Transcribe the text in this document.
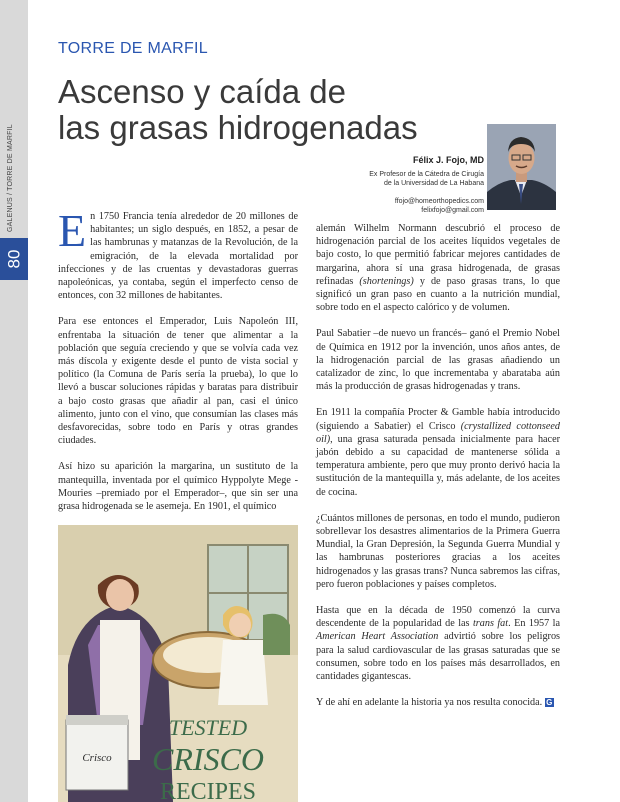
80
GALENUS / TORRE DE MARFIL
TORRE DE MARFIL
Ascenso y caída de
las grasas hidrogenadas
Félix J. Fojo, MD
Ex Profesor de la Cátedra de Cirugía
de la Universidad de La Habana
ffojo@homeorthopedics.com
felixfojo@gmail.com

En 1750 Francia tenía alrededor de 20 millones de habitantes; un siglo después, en 1852, a pesar de las hambrunas y matanzas de la Revolución, de la emigración, de la elevada mortalidad por infecciones y de las cruentas y devastadoras guerras napoleónicas, ya contaba, según el imperfecto censo de entonces, con 32 millones de habitantes.

Para ese entonces el Emperador, Luis Napoleón III, enfrentaba la situación de tener que alimentar a la población que seguía creciendo y que se volvía cada vez más díscola y exigente desde el punto de vista social y político (la Comuna de París sería la prueba), lo que lo llevó a buscar soluciones rápidas y baratas para distribuir a bajo costo grasas que añadir al pan, casi el único alimento, junto con el vino, que consumían las clases más desfavorecidas, sobre todo en París y otras grandes ciudades.

Así hizo su aparición la margarina, un sustituto de la mantequilla, inventada por el químico Hyppolyte Mege -Mouries –premiado por el Emperador–, que sin ser una grasa hidrogenada se le asemeja. En 1901, el químico

Crisco
TESTED
CRISCO
RECIPES

alemán Wilhelm Normann descubrió el proceso de hidrogenación parcial de los aceites líquidos vegetales de bajo costo, lo que permitió fabricar mejores cantidades de margarina, ahora sí una grasa hidrogenada, de grasas refinadas (shortenings) y de paso grasas trans, lo que significó un gran paso en cuanto a la nutrición mundial, sobre todo en el aspecto calórico y de volumen.

Paul Sabatier –de nuevo un francés– ganó el Premio Nobel de Química en 1912 por la invención, unos años antes, de la hidrogenación parcial de las grasas añadiendo un catalizador de zinc, lo que incrementaba y abarataba aún más la producción de grasas hidrogenadas y trans.

En 1911 la compañía Procter & Gamble había introducido (siguiendo a Sabatier) el Crisco (crystallized cottonseed oil), una grasa saturada pensada inicialmente para hacer jabón debido a su capacidad de mantenerse sólida a temperatura ambiente, pero que muy pronto derivó hacia la sustitución de la mantequilla y, más adelante, de los aceites de cocina.

¿Cuántos millones de personas, en todo el mundo, pudieron sobrellevar los desastres alimentarios de la Primera Guerra Mundial, la Gran Depresión, la Segunda Guerra Mundial y las hambrunas posteriores gracias a los aceites hidrogenados y las grasas trans? Nunca sabremos las cifras, pero fueron poblaciones y países completos.

Hasta que en la década de 1950 comenzó la curva descendente de la popularidad de las trans fat. En 1957 la American Heart Association advirtió sobre los peligros para la salud cardiovascular de las grasas saturadas que se consumen, sobre todo en los países más desarrollados, en cantidades gigantescas.

Y de ahí en adelante la historia ya nos resulta conocida. G
